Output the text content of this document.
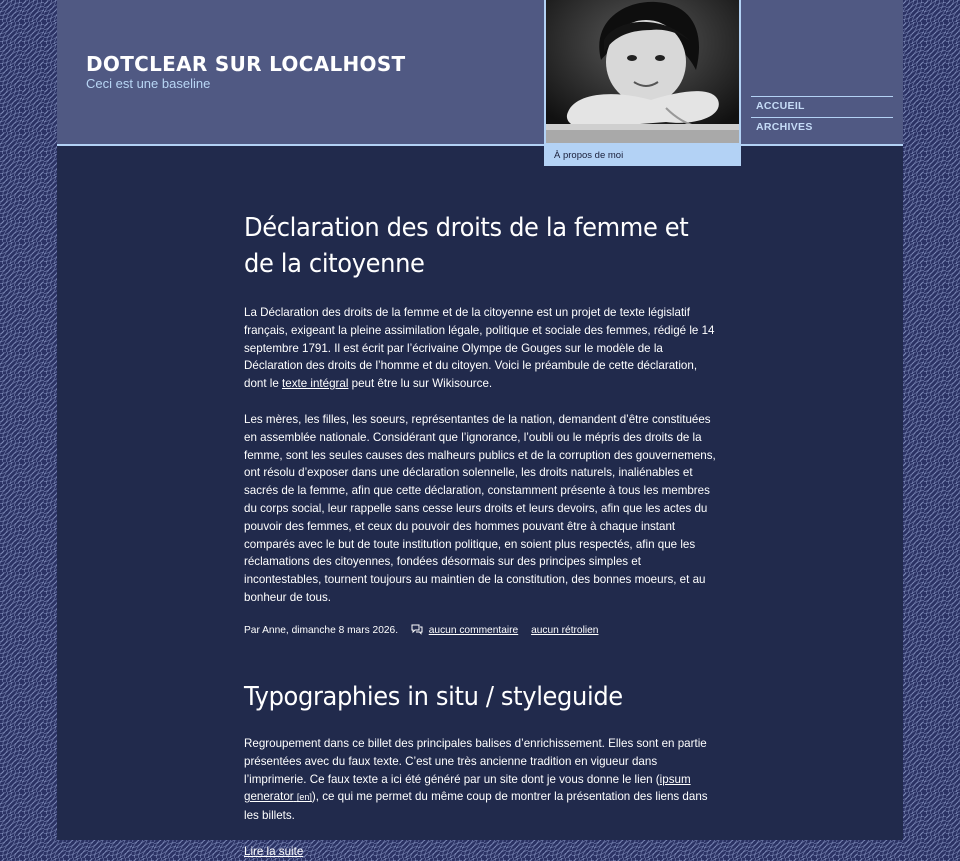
DOTCLEAR SUR LOCALHOST

Ceci est une baseline

ACCUEIL
ARCHIVES
À propos de moi
Déclaration des droits de la femme et de la citoyenne

La Déclaration des droits de la femme et de la citoyenne est un projet de texte législatif français, exigeant la pleine assimilation légale, politique et sociale des femmes, rédigé le 14 septembre 1791. Il est écrit par l’écrivaine Olympe de Gouges sur le modèle de la Déclaration des droits de l’homme et du citoyen. Voici le préambule de cette déclaration, dont le texte intégral peut être lu sur Wikisource.

Les mères, les filles, les soeurs, représentantes de la nation, demandent d’être constituées en assemblée nationale. Considérant que l’ignorance, l’oubli ou le mépris des droits de la femme, sont les seules causes des malheurs publics et de la corruption des gouvernemens, ont résolu d’exposer dans une déclaration solennelle, les droits naturels, inaliénables et sacrés de la femme, afin que cette déclaration, constamment présente à tous les membres du corps social, leur rappelle sans cesse leurs droits et leurs devoirs, afin que les actes du pouvoir des femmes, et ceux du pouvoir des hommes pouvant être à chaque instant comparés avec le but de toute institution politique, en soient plus respectés, afin que les réclamations des citoyennes, fondées désormais sur des principes simples et incontestables, tournent toujours au maintien de la constitution, des bonnes moeurs, et au bonheur de tous.

Par Anne, dimanche 8 mars 2026.	aucun commentaire aucun rétrolien
Typographies in situ / styleguide

Regroupement dans ce billet des principales balises d’enrichissement. Elles sont en partie présentées avec du faux texte. C’est une très ancienne tradition en vigueur dans l’imprimerie. Ce faux texte a ici été généré par un site dont je vous donne le lien (ipsum generator [en]), ce qui me permet du même coup de montrer la présentation des liens dans les billets.

Lire la suite
